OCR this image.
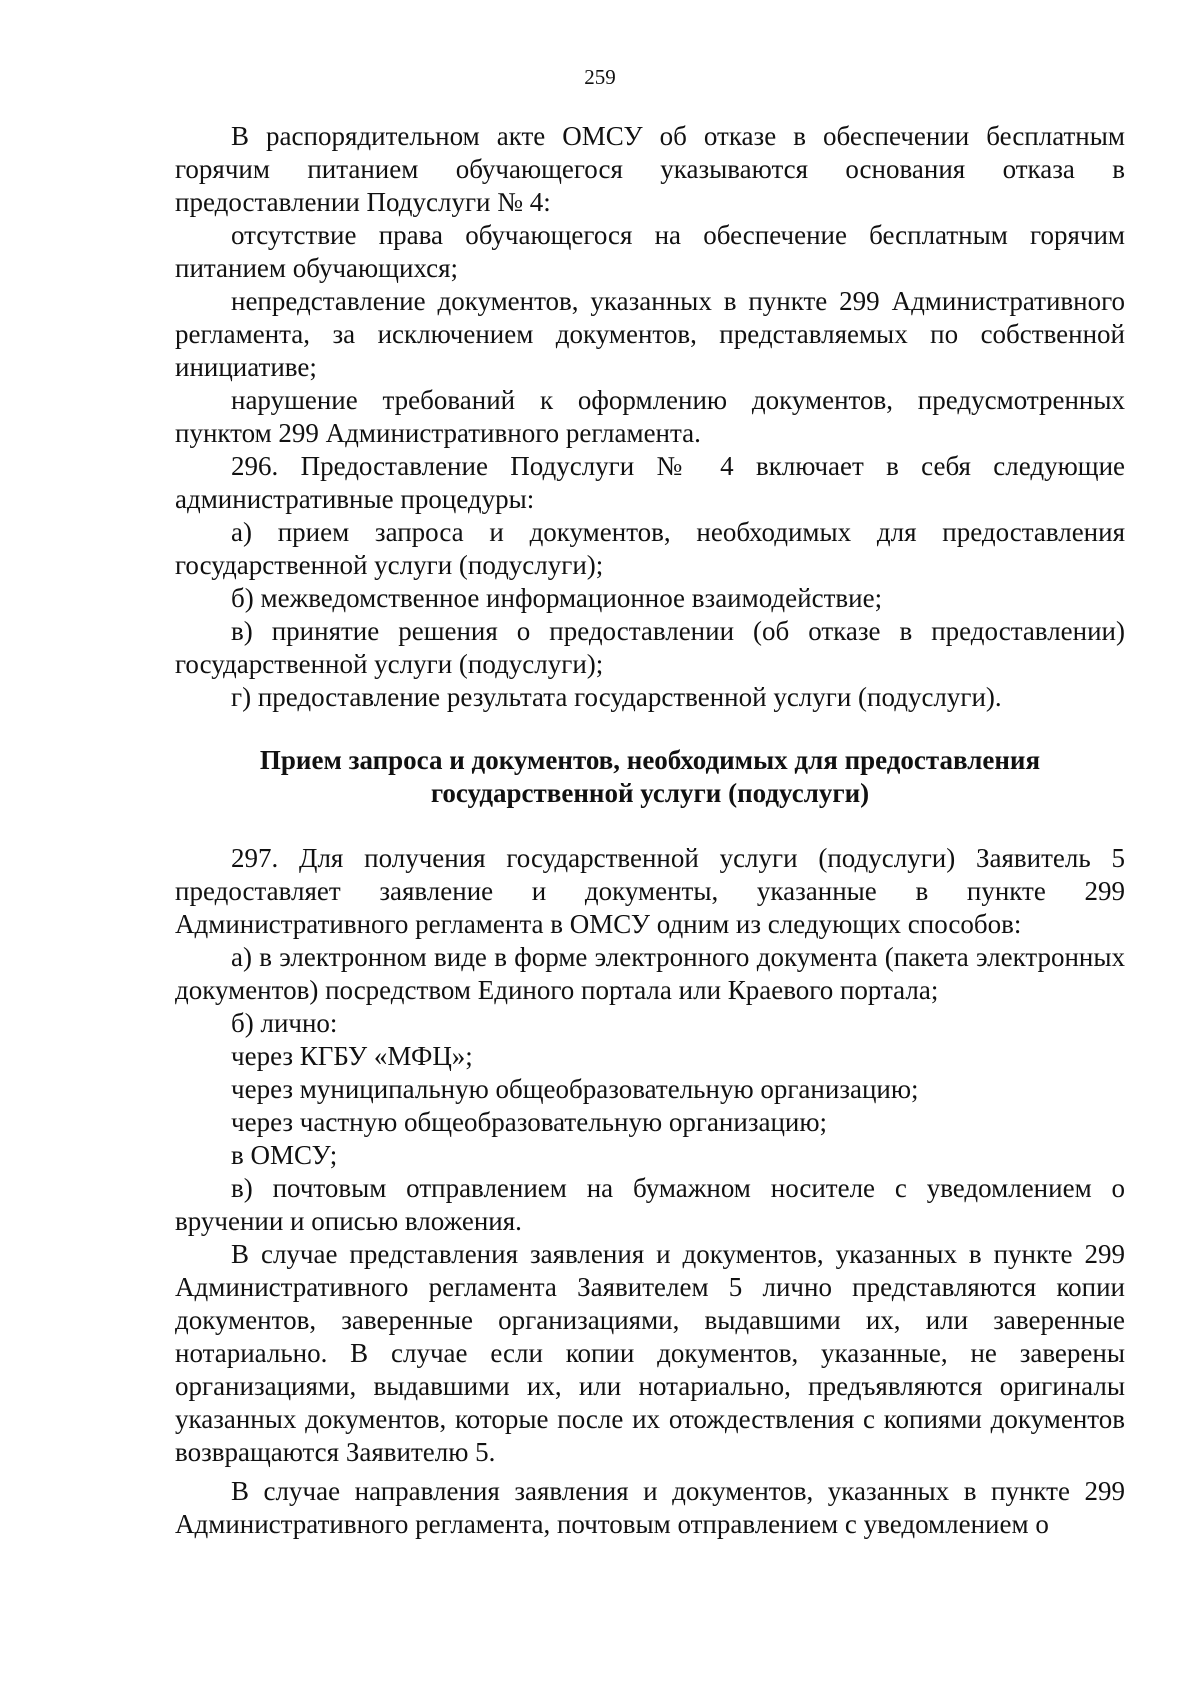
259

В распорядительном акте ОМСУ об отказе в обеспечении бесплатным горячим питанием обучающегося указываются основания отказа в предоставлении Подуслуги № 4:

отсутствие права обучающегося на обеспечение бесплатным горячим питанием обучающихся;

непредставление документов, указанных в пункте 299 Административного регламента, за исключением документов, представляемых по собственной инициативе;

нарушение требований к оформлению документов, предусмотренных пунктом 299 Административного регламента.

296. Предоставление Подуслуги № 4 включает в себя следующие административные процедуры:

а) прием запроса и документов, необходимых для предоставления государственной услуги (подуслуги);

б) межведомственное информационное взаимодействие;

в) принятие решения о предоставлении (об отказе в предоставлении) государственной услуги (подуслуги);

г) предоставление результата государственной услуги (подуслуги).

Прием запроса и документов, необходимых для предоставления
государственной услуги (подуслуги)

297. Для получения государственной услуги (подуслуги) Заявитель 5 предоставляет заявление и документы, указанные в пункте 299 Административного регламента в ОМСУ одним из следующих способов:

а) в электронном виде в форме электронного документа (пакета электронных документов) посредством Единого портала или Краевого портала;

б) лично:

через КГБУ «МФЦ»;

через муниципальную общеобразовательную организацию;

через частную общеобразовательную организацию;

в ОМСУ;

в) почтовым отправлением на бумажном носителе с уведомлением о вручении и описью вложения.

В случае представления заявления и документов, указанных в пункте 299 Административного регламента Заявителем 5 лично представляются копии документов, заверенные организациями, выдавшими их, или заверенные нотариально. В случае если копии документов, указанные, не заверены организациями, выдавшими их, или нотариально, предъявляются оригиналы указанных документов, которые после их отождествления с копиями документов возвращаются Заявителю 5.

В случае направления заявления и документов, указанных в пункте 299 Административного регламента, почтовым отправлением с уведомлением о
